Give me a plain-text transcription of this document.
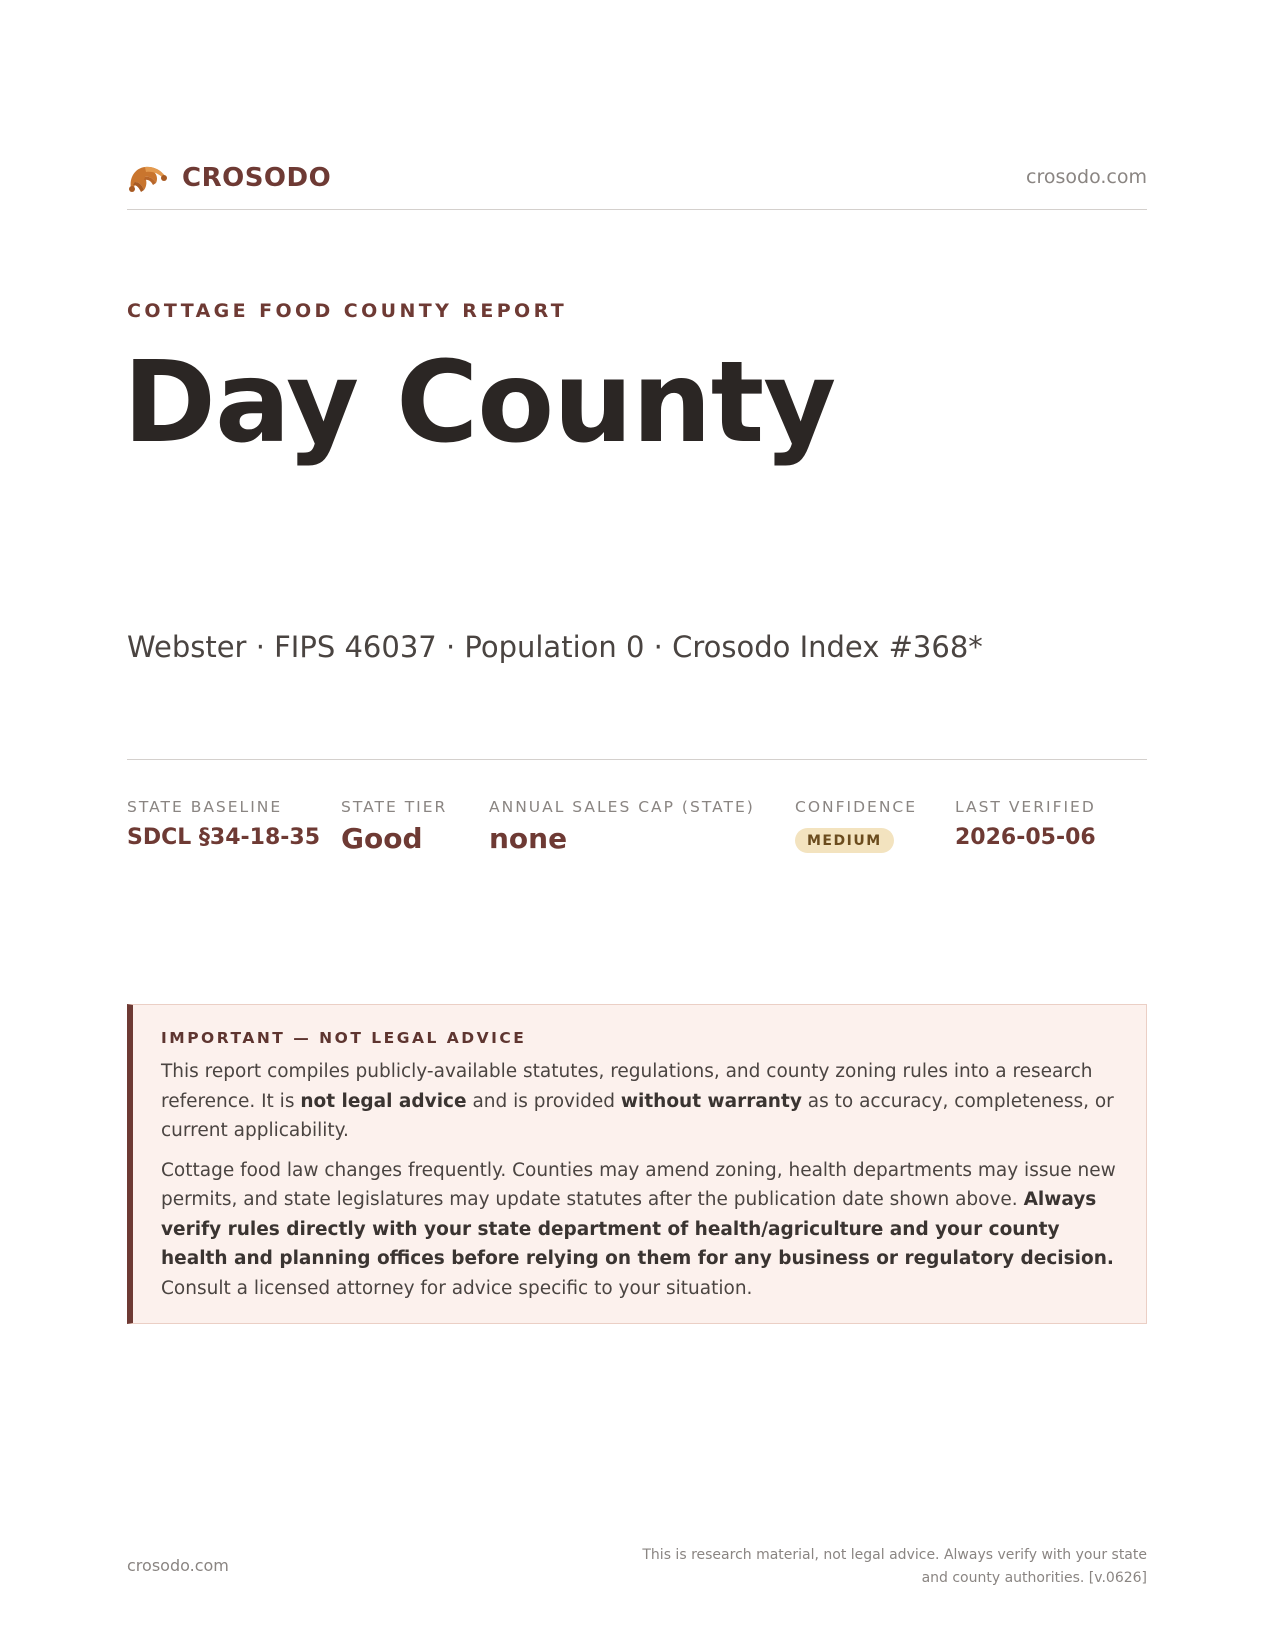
CROSODO	crosodo.com
COTTAGE FOOD COUNTY REPORT
Day County
Webster · FIPS 46037 · Population 0 · Crosodo Index #368*
STATE BASELINE
SDCL §34-18-35
STATE TIER
Good
ANNUAL SALES CAP (STATE)
none
CONFIDENCE
MEDIUM
LAST VERIFIED
2026-05-06
IMPORTANT — NOT LEGAL ADVICE

This report compiles publicly-available statutes, regulations, and county zoning rules into a research reference. It is not legal advice and is provided without warranty as to accuracy, completeness, or current applicability.

Cottage food law changes frequently. Counties may amend zoning, health departments may issue new permits, and state legislatures may update statutes after the publication date shown above. Always verify rules directly with your state department of health/agriculture and your county health and planning offices before relying on them for any business or regulatory decision. Consult a licensed attorney for advice specific to your situation.

crosodo.com
This is research material, not legal advice. Always verify with your state
and county authorities. [v.0626]
